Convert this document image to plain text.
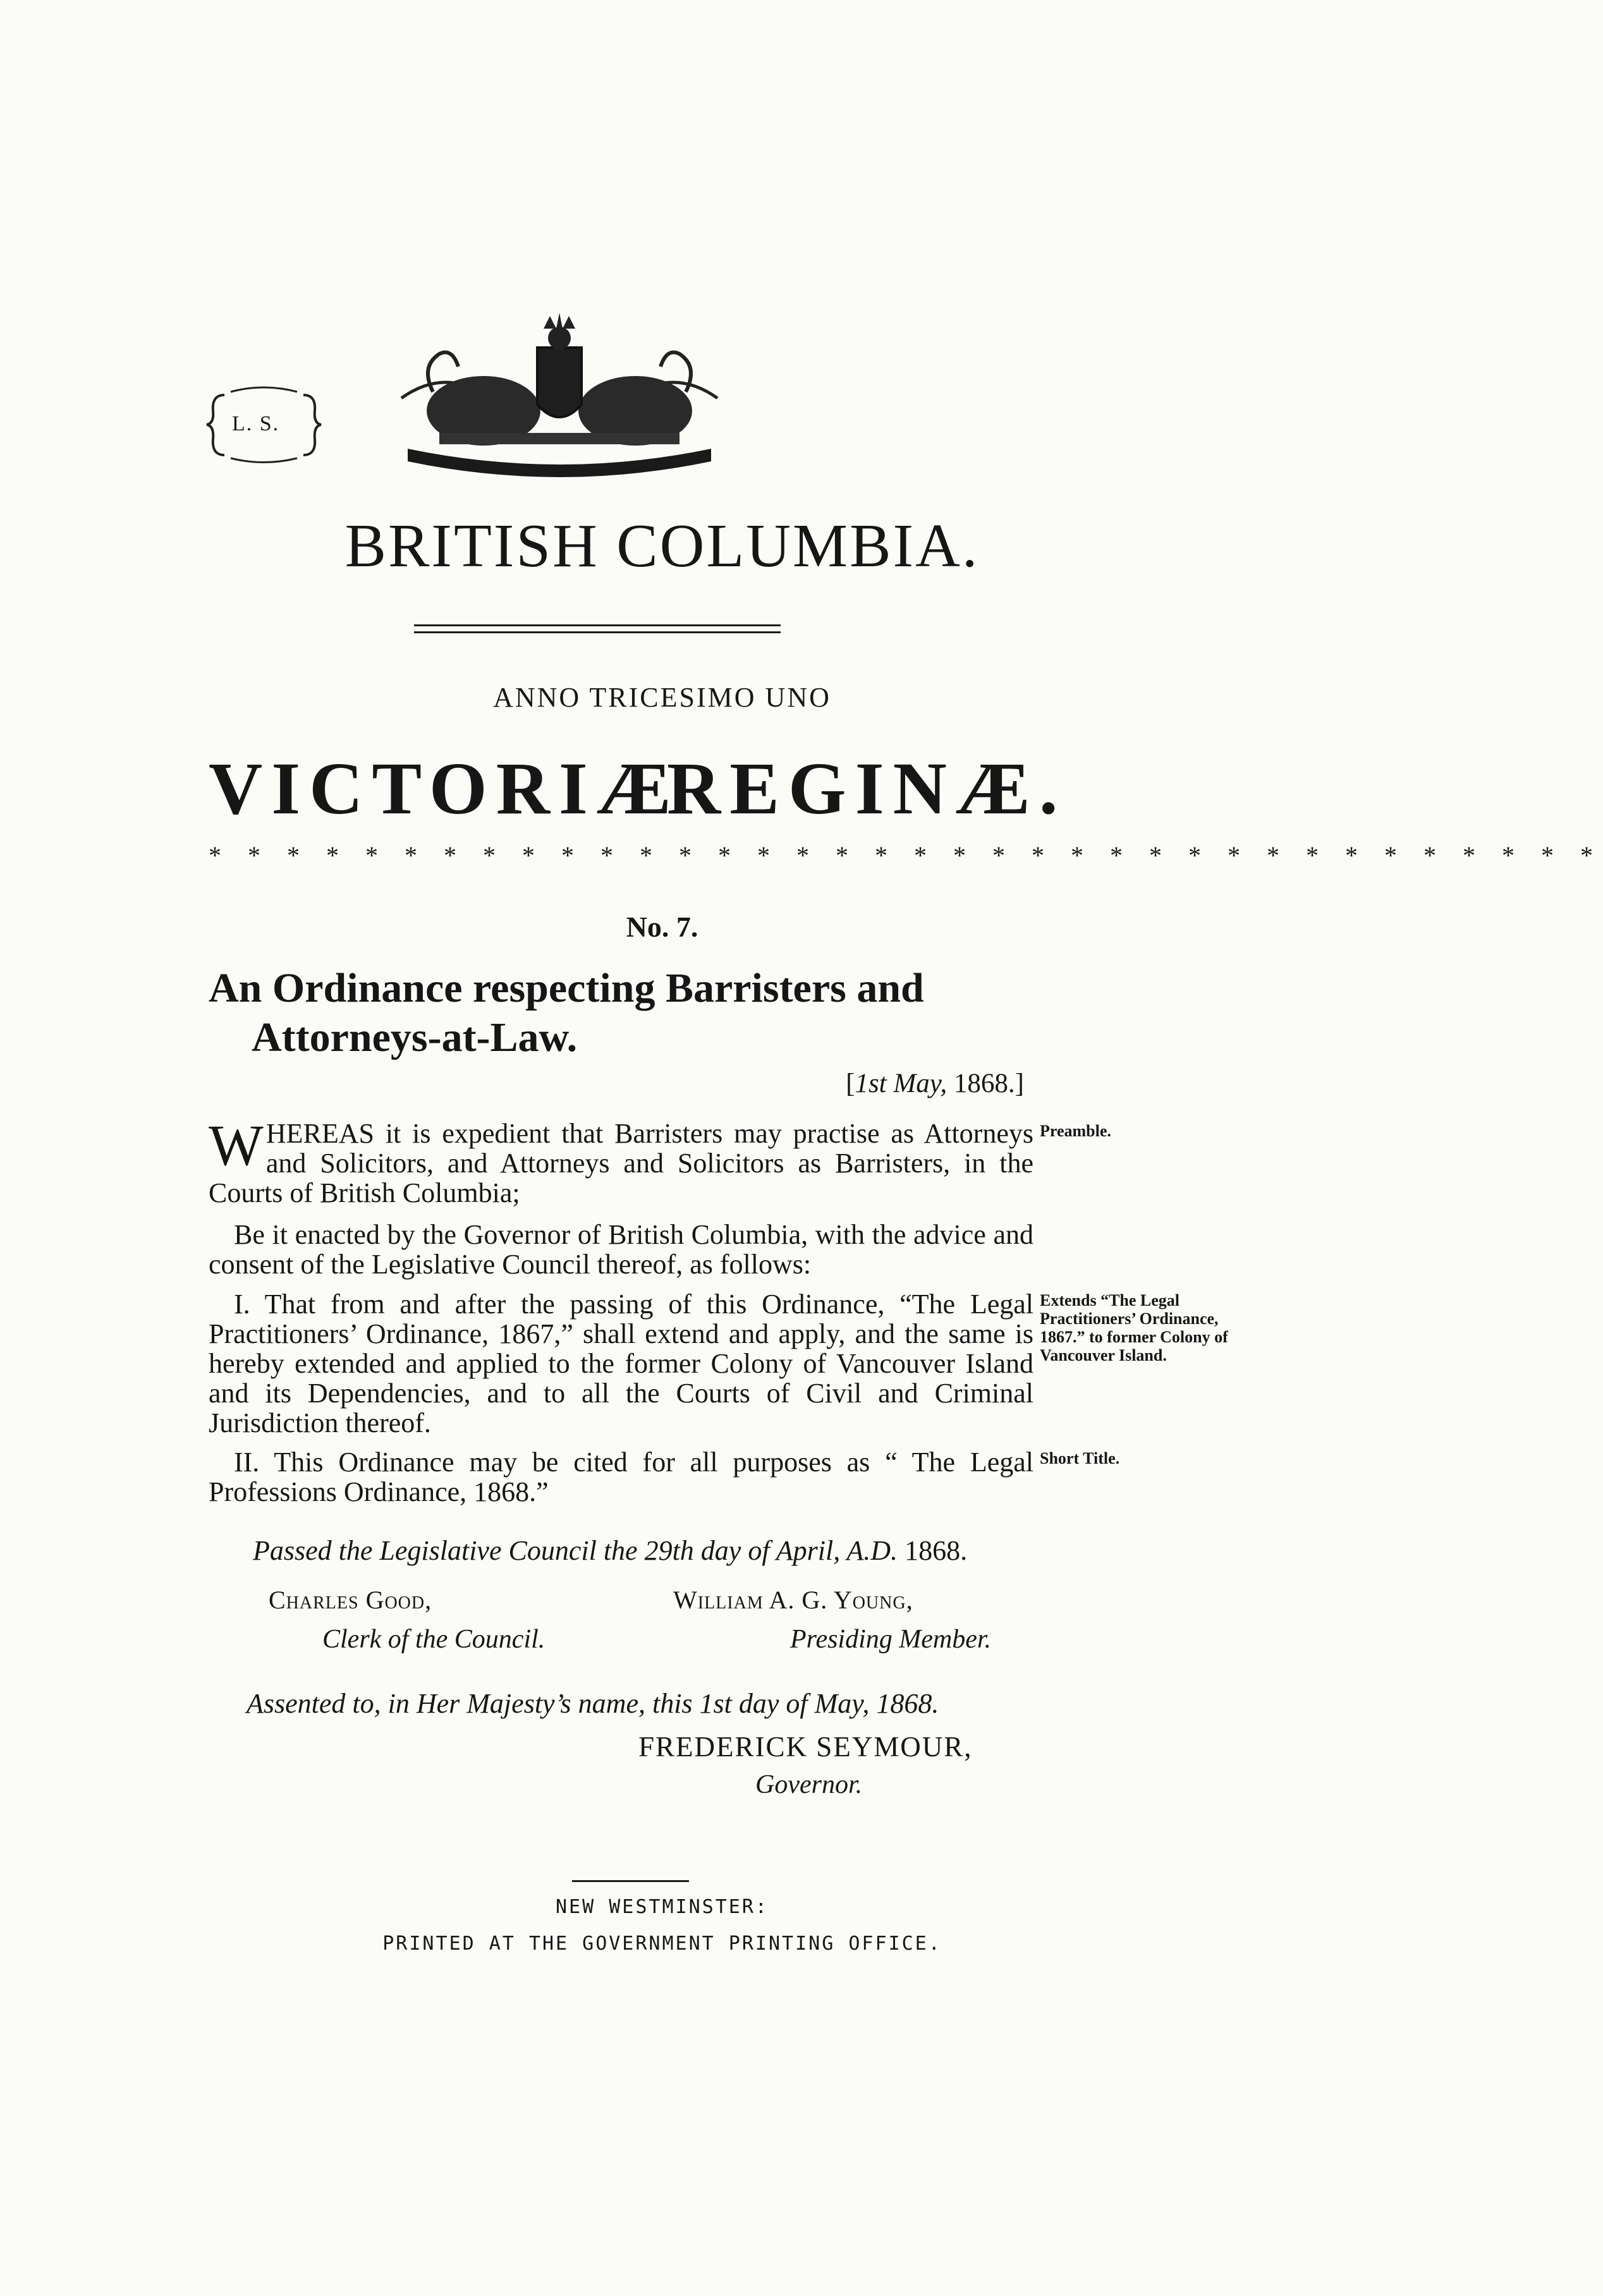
L. S.
BRITISH COLUMBIA.
ANNO TRICESIMO UNO
VICTORIÆ
REGINÆ.
* * * * * * * * * * * * * * * * * * * * * * * * * * * * * * * * * * * *
No. 7.
An Ordinance respecting Barristers and
Attorneys-at-Law.
[1st May, 1868.]
WHEREAS it is expedient that Barristers may practise as Attorneys and Solicitors, and Attorneys and Solicitors as Barristers, in the Courts of British Columbia;
Be it enacted by the Governor of British Columbia, with the advice and consent of the Legislative Council thereof, as follows:
I. That from and after the passing of this Ordinance, “The Legal Practitioners’ Ordinance, 1867,” shall extend and apply, and the same is hereby extended and applied to the former Colony of Vancouver Island and its Dependencies, and to all the Courts of Civil and Criminal Jurisdiction thereof.
II. This Ordinance may be cited for all purposes as “ The Legal Professions Ordinance, 1868.”
Preamble.
Extends “The Legal Practitioners’ Ordinance, 1867.” to former Colony of Vancouver Island.
Short Title.
Passed the Legislative Council the 29th day of April, A.D. 1868.
Charles Good,
Clerk of the Council.
William A. G. Young,
Presiding Member.
Assented to, in Her Majesty’s name, this 1st day of May, 1868.
FREDERICK SEYMOUR,
Governor.
NEW WESTMINSTER:
PRINTED AT THE GOVERNMENT PRINTING OFFICE.
